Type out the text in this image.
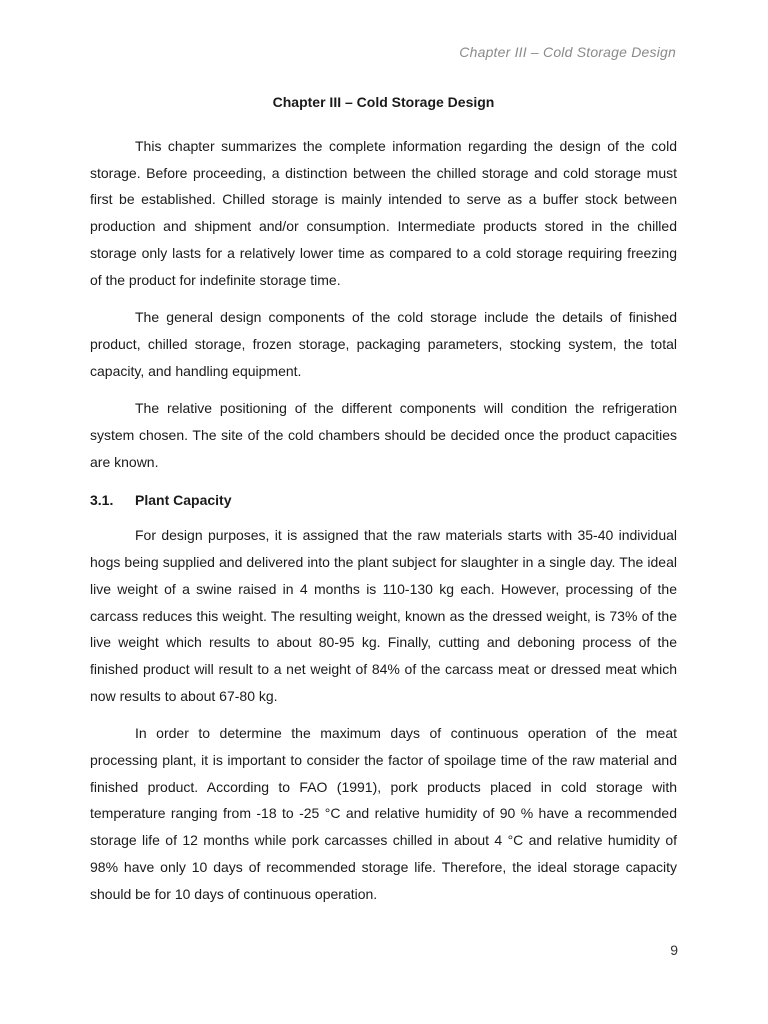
Chapter III – Cold Storage Design
Chapter III – Cold Storage Design

This chapter summarizes the complete information regarding the design of the cold storage. Before proceeding, a distinction between the chilled storage and cold storage must first be established. Chilled storage is mainly intended to serve as a buffer stock between production and shipment and/or consumption. Intermediate products stored in the chilled storage only lasts for a relatively lower time as compared to a cold storage requiring freezing of the product for indefinite storage time.

The general design components of the cold storage include the details of finished product, chilled storage, frozen storage, packaging parameters, stocking system, the total capacity, and handling equipment.

The relative positioning of the different components will condition the refrigeration system chosen. The site of the cold chambers should be decided once the product capacities are known.

3.1.	Plant Capacity

For design purposes, it is assigned that the raw materials starts with 35-40 individual hogs being supplied and delivered into the plant subject for slaughter in a single day. The ideal live weight of a swine raised in 4 months is 110-130 kg each. However, processing of the carcass reduces this weight. The resulting weight, known as the dressed weight, is 73% of the live weight which results to about 80-95 kg. Finally, cutting and deboning process of the finished product will result to a net weight of 84% of the carcass meat or dressed meat which now results to about 67-80 kg.

In order to determine the maximum days of continuous operation of the meat processing plant, it is important to consider the factor of spoilage time of the raw material and finished product. According to FAO (1991), pork products placed in cold storage with temperature ranging from -18 to -25 °C and relative humidity of 90 % have a recommended storage life of 12 months while pork carcasses chilled in about 4 °C and relative humidity of 98% have only 10 days of recommended storage life. Therefore, the ideal storage capacity should be for 10 days of continuous operation.

9
